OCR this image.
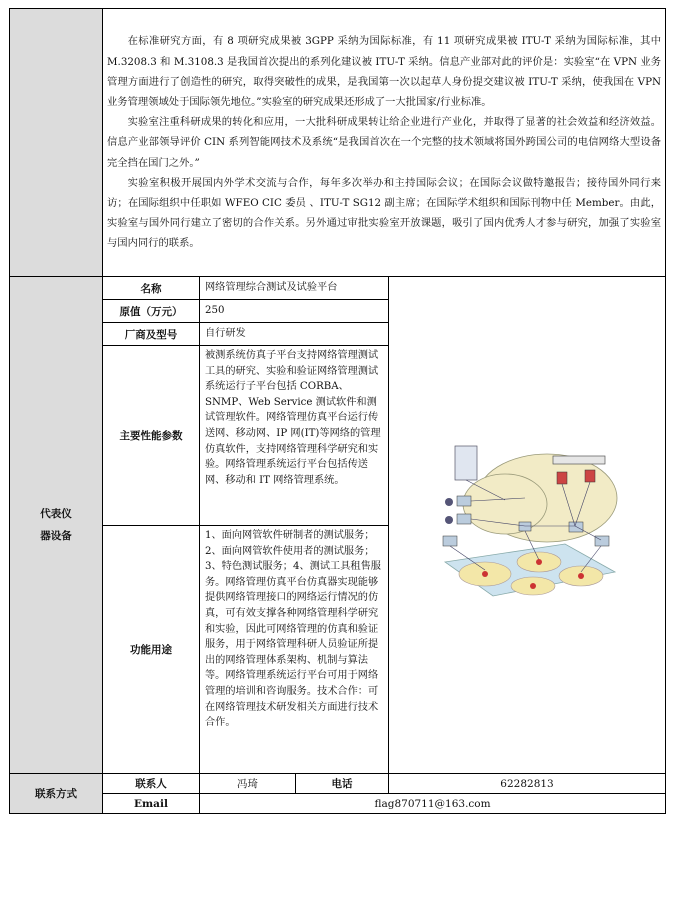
	在标准研究方面，有 8 项研究成果被 3GPP 采纳为国际标准，有 11 项研究成果被 ITU-T 采纳为国际标准，其中 M.3208.3 和 M.3108.3 是我国首次提出的系列化建议被 ITU-T 采纳。信息产业部对此的评价是：实验室“在 VPN 业务管理方面进行了创造性的研究，取得突破性的成果，是我国第一次以起草人身份提交建议被 ITU-T 采纳，使我国在 VPN 业务管理领域处于国际领先地位。”实验室的研究成果还形成了一大批国家/行业标准。

实验室注重科研成果的转化和应用，一大批科研成果转让给企业进行产业化，并取得了显著的社会效益和经济效益。信息产业部领导评价 CIN 系列智能网技术及系统“是我国首次在一个完整的技术领域将国外跨国公司的电信网络大型设备完全挡在国门之外。”

实验室积极开展国内外学术交流与合作，每年多次举办和主持国际会议；在国际会议做特邀报告；接待国外同行来访；在国际组织中任职如 WFEO CIC 委员 、ITU-T SG12 副主席；在国际学术组织和国际刊物中任 Member。由此，实验室与国外同行建立了密切的合作关系。另外通过审批实验室开放课题，吸引了国内优秀人才参与研究，加强了实验室与国内同行的联系。			

代表仪器设备	名称	网络管理综合测试及试验平台	

	原值（万元）	250		
	厂商及型号	自行研发		
	主要性能参数	被测系统仿真子平台支持网络管理测试工具的研究、实验和验证网络管理测试系统运行子平台包括 CORBA、SNMP、Web Service 测试软件和测试管理软件。网络管理仿真平台运行传送网、移动网、IP 网(IT)等网络的管理仿真软件，支持网络管理科学研究和实验。网络管理系统运行平台包括传送网、移动和 IT 网络管理系统。		
	功能用途	1、面向网管软件研制者的测试服务；2、面向网管软件使用者的测试服务；3、特色测试服务；4、测试工具租售服务。网络管理仿真平台仿真器实现能够提供网络管理接口的网络运行情况的仿真，可有效支撑各种网络管理科学研究和实验，因此可网络管理的仿真和验证服务，用于网络管理科研人员验证所提出的网络管理体系架构、机制与算法等。网络管理系统运行平台可用于网络管理的培训和咨询服务。技术合作：可在网络管理技术研发相关方面进行技术合作。		
联系方式	联系人	冯琦	电话	62282813
	Email	flag870711@163.com		
